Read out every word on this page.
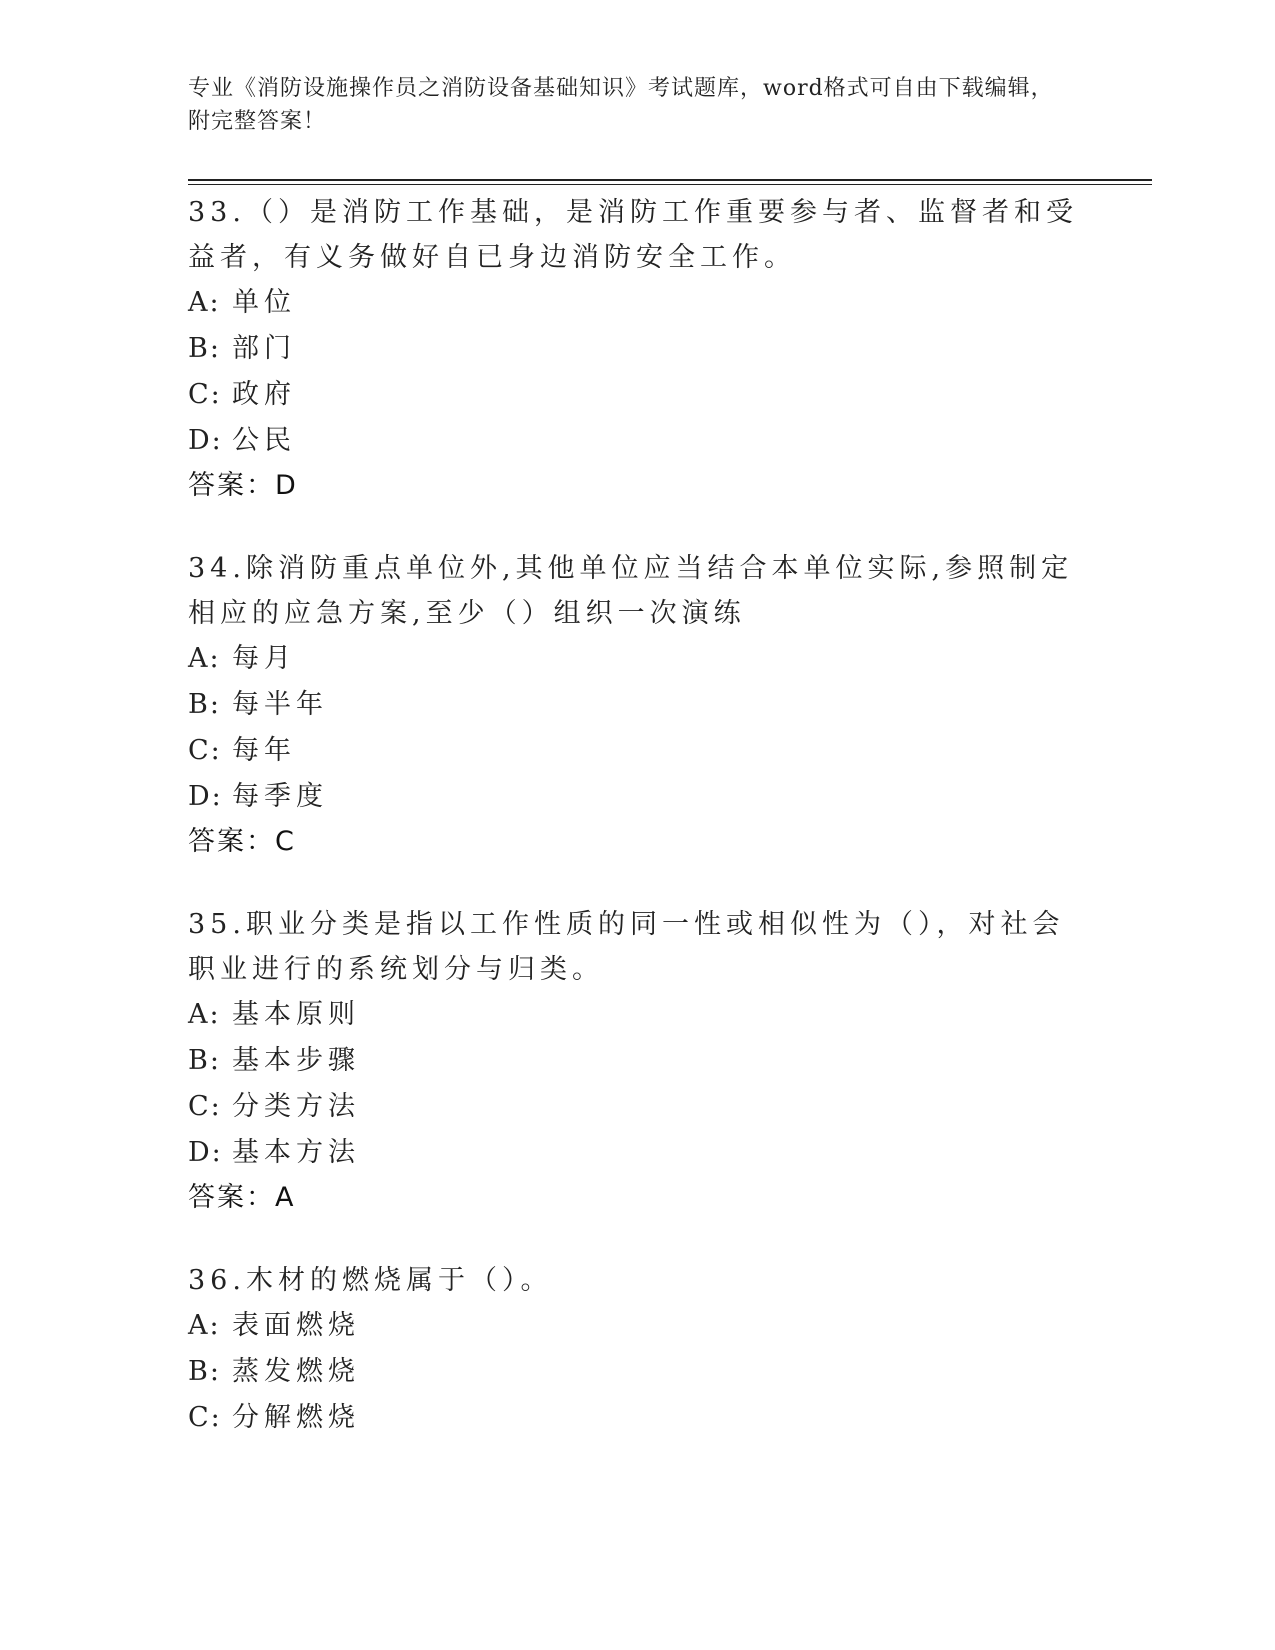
专业《消防设施操作员之消防设备基础知识》考试题库，word格式可自由下载编辑，附完整答案！

33.（）是消防工作基础，是消防工作重要参与者、监督者和受益者，有义务做好自已身边消防安全工作。

A: 单位

B: 部门

C: 政府

D: 公民

答案：D

34.除消防重点单位外,其他单位应当结合本单位实际,参照制定相应的应急方案,至少（）组织一次演练

A: 每月

B: 每半年

C: 每年

D: 每季度

答案：C

35.职业分类是指以工作性质的同一性或相似性为（），对社会职业进行的系统划分与归类。

A: 基本原则

B: 基本步骤

C: 分类方法

D: 基本方法

答案：A

36.木材的燃烧属于（）。

A: 表面燃烧

B: 蒸发燃烧

C: 分解燃烧
